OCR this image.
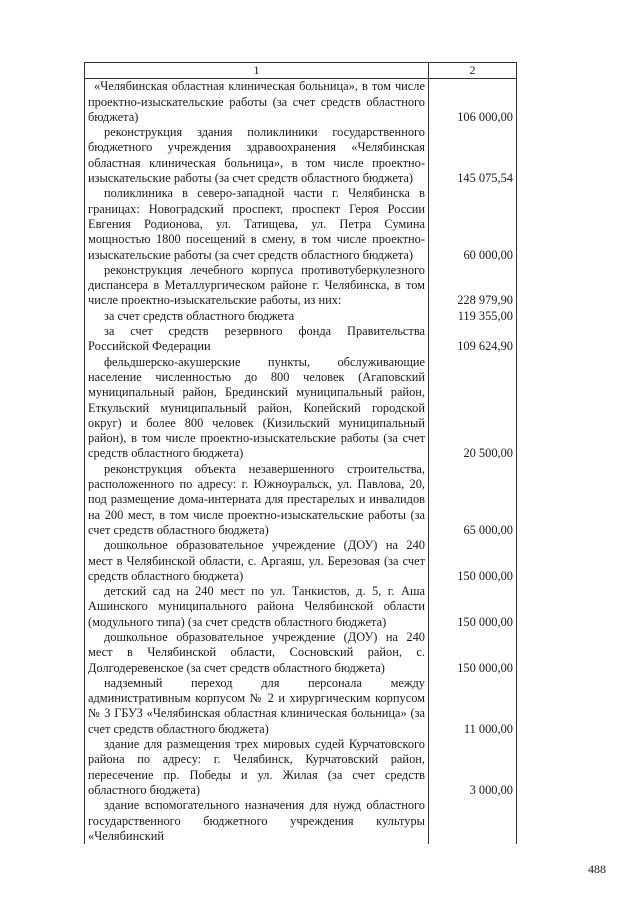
1	2

«Челябинская областная клиническая больница», в том числе проектно-изыскательские работы (за счет средств областного бюджета)	106 000,00

реконструкция здания поликлиники государственного бюджетного учреждения здравоохранения «Челябинская областная клиническая больница», в том числе проектно-изыскательские работы (за счет средств областного бюджета)	145 075,54

поликлиника в северо-западной части г. Челябинска в границах: Новоградский проспект, проспект Героя России Евгения Родионова, ул. Татищева, ул. Петра Сумина мощностью 1800 посещений в смену, в том числе проектно-изыскательские работы (за счет средств областного бюджета)	60 000,00

реконструкция лечебного корпуса противотуберкулезного диспансера в Металлургическом районе г. Челябинска, в том числе проектно-изыскательские работы, из них:	228 979,90

за счет средств областного бюджета	119 355,00

за счет средств резервного фонда Правительства Российской Федерации	109 624,90

фельдшерско-акушерские пункты, обслуживающие население численностью до 800 человек (Агаповский муниципальный район, Брединский муниципальный район, Еткульский муниципальный район, Копейский городской округ) и более 800 человек (Кизильский муниципальный район), в том числе проектно-изыскательские работы (за счет средств областного бюджета)	20 500,00

реконструкция объекта незавершенного строительства, расположенного по адресу: г. Южноуральск, ул. Павлова, 20, под размещение дома-интерната для престарелых и инвалидов на 200 мест, в том числе проектно-изыскательские работы (за счет средств областного бюджета)	65 000,00

дошкольное образовательное учреждение (ДОУ) на 240 мест в Челябинской области, с. Аргаяш, ул. Березовая (за счет средств областного бюджета)	150 000,00

детский сад на 240 мест по ул. Танкистов, д. 5, г. Аша Ашинского муниципального района Челябинской области (модульного типа) (за счет средств областного бюджета)	150 000,00

дошкольное образовательное учреждение (ДОУ) на 240 мест в Челябинской области, Сосновский район, с. Долгодеревенское (за счет средств областного бюджета)	150 000,00

надземный переход для персонала между административным корпусом № 2 и хирургическим корпусом № 3 ГБУЗ «Челябинская областная клиническая больница» (за счет средств областного бюджета)	11 000,00

здание для размещения трех мировых судей Курчатовского района по адресу: г. Челябинск, Курчатовский район, пересечение пр. Победы и ул. Жилая (за счет средств областного бюджета)	3 000,00

здание вспомогательного назначения для нужд областного государственного бюджетного учреждения культуры «Челябинский	

488
